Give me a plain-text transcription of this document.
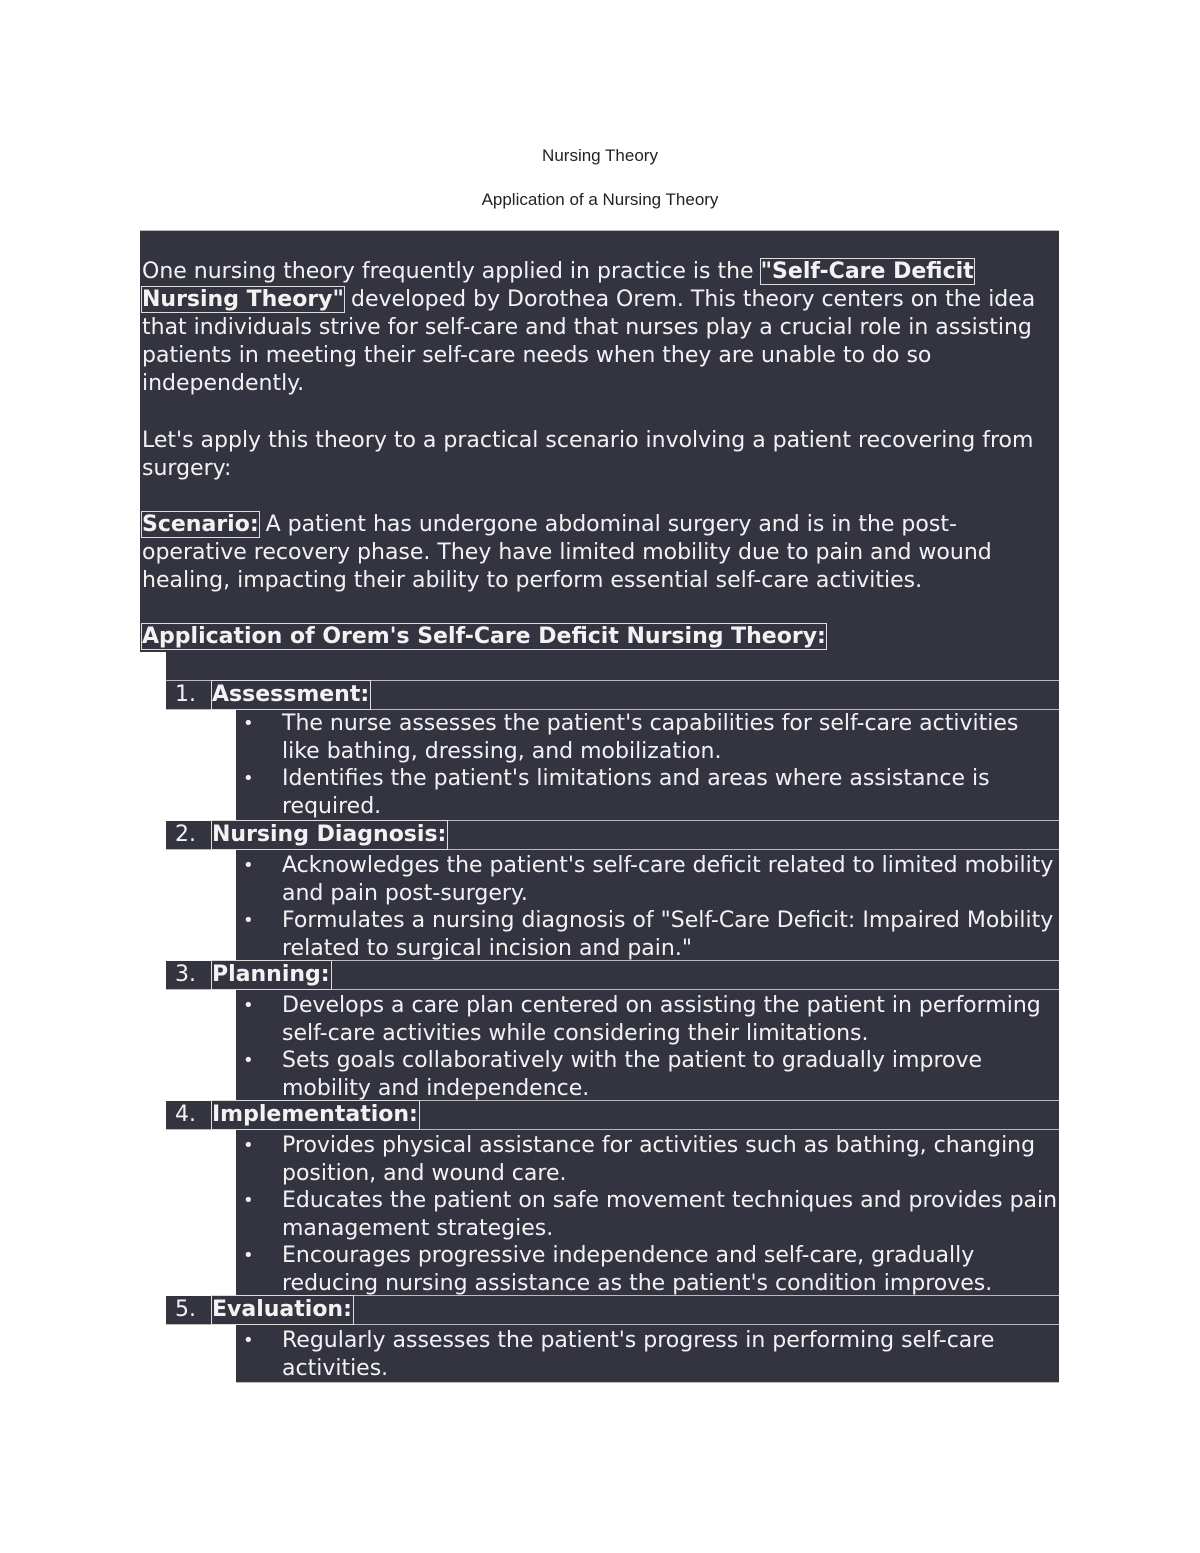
Nursing Theory
Application of a Nursing Theory

One nursing theory frequently applied in practice is the "Self-Care Deficit Nursing Theory" developed by Dorothea Orem. This theory centers on the idea that individuals strive for self-care and that nurses play a crucial role in assisting patients in meeting their self-care needs when they are unable to do so independently.

Let's apply this theory to a practical scenario involving a patient recovering from surgery:

Scenario: A patient has undergone abdominal surgery and is in the post-operative recovery phase. They have limited mobility due to pain and wound healing, impacting their ability to perform essential self-care activities.

Application of Orem's Self-Care Deficit Nursing Theory:

1. Assessment:
• The nurse assesses the patient's capabilities for self-care activities like bathing, dressing, and mobilization.
• Identifies the patient's limitations and areas where assistance is required.
2. Nursing Diagnosis:
• Acknowledges the patient's self-care deficit related to limited mobility and pain post-surgery.
• Formulates a nursing diagnosis of "Self-Care Deficit: Impaired Mobility related to surgical incision and pain."
3. Planning:
• Develops a care plan centered on assisting the patient in performing self-care activities while considering their limitations.
• Sets goals collaboratively with the patient to gradually improve mobility and independence.
4. Implementation:
• Provides physical assistance for activities such as bathing, changing position, and wound care.
• Educates the patient on safe movement techniques and provides pain management strategies.
• Encourages progressive independence and self-care, gradually reducing nursing assistance as the patient's condition improves.
5. Evaluation:
• Regularly assesses the patient's progress in performing self-care activities.
